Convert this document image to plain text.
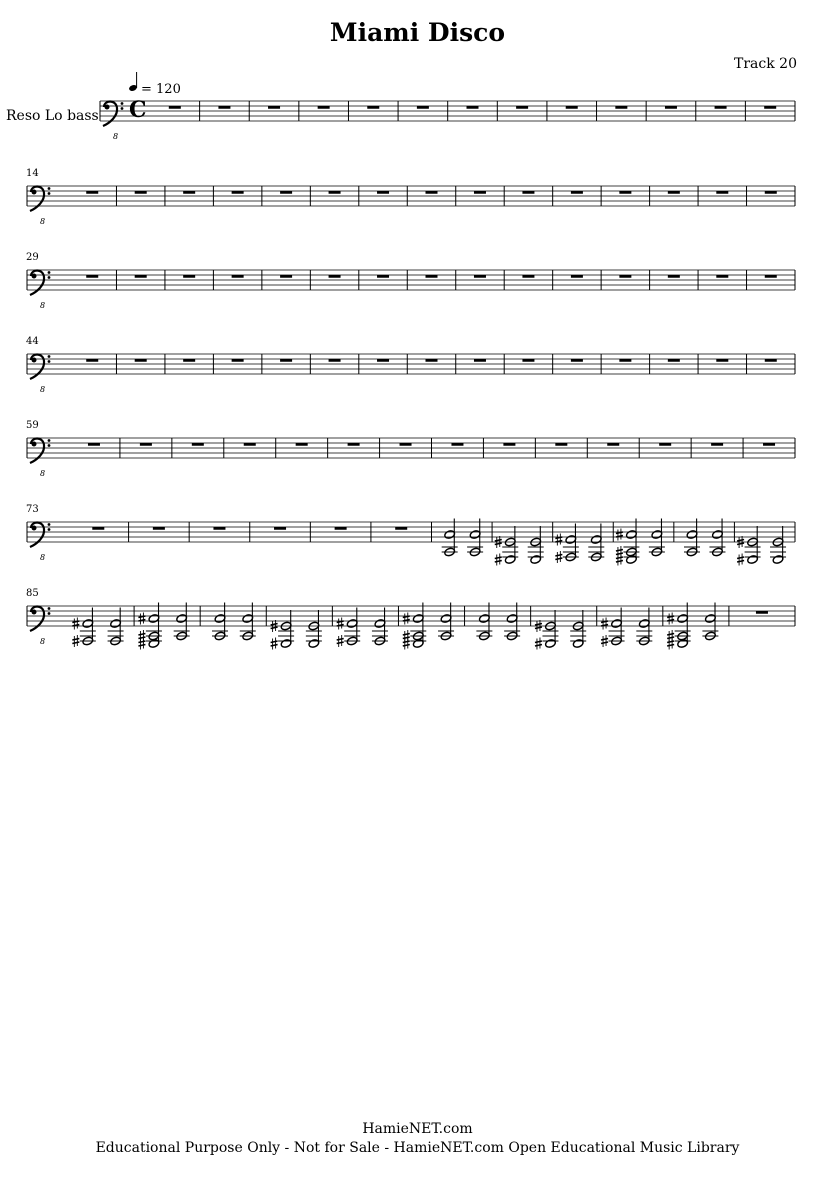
Miami Disco
Track 20
Reso Lo bass
8
C
= 120
8
14
8
29
8
44
8
59
8
73
8
85
HamieNET.com
Educational Purpose Only - Not for Sale - HamieNET.com Open Educational Music Library
